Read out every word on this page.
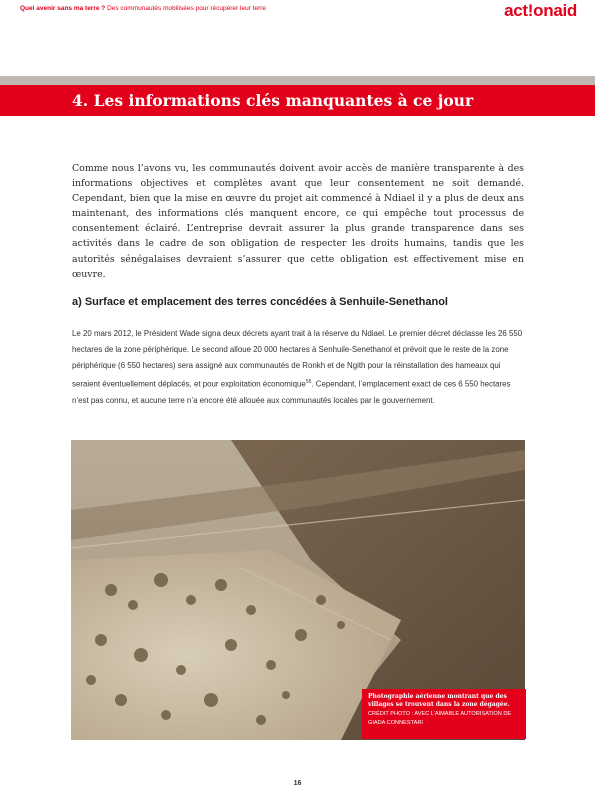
Quel avenir sans ma terre ? Des communautés mobilisées pour récupérer leur terre	act!onaid
4. Les informations clés manquantes à ce jour

Comme nous l’avons vu, les communautés doivent avoir accès de manière transparente à des informations objectives et complètes avant que leur consentement ne soit demandé. Cependant, bien que la mise en œuvre du projet ait commencé à Ndiael il y a plus de deux ans maintenant, des informations clés manquent encore, ce qui empêche tout processus de consentement éclairé. L’entreprise devrait assurer la plus grande transparence dans ses activités dans le cadre de son obligation de respecter les droits humains, tandis que les autorités sénégalaises devraient s’assurer que cette obligation est effectivement mise en œuvre.

a) Surface et emplacement des terres concédées à Senhuile-Senethanol

Le 20 mars 2012, le Président Wade signa deux décrets ayant trait à la réserve du Ndiael. Le premier décret déclasse les 26 550 hectares de la zone périphérique. Le second alloue 20 000 hectares à Senhuile-Senethanol et prévoit que le reste de la zone périphérique (6 550 hectares) sera assigné aux communautés de Ronkh et de Ngith pour la réinstallation des hameaux qui seraient éventuellement déplacés, et pour exploitation économique$^{55}$. Cependant, l’emplacement exact de ces 6 550 hectares n’est pas connu, et aucune terre n’a encore été allouée aux communautés locales par le gouvernement.

Photographie aérienne montrant que des villages se trouvent dans la zone dégagée.
CRÉDIT PHOTO : AVEC L’AIMABLE AUTORISATION DE GIADA CONNESTARI
16
